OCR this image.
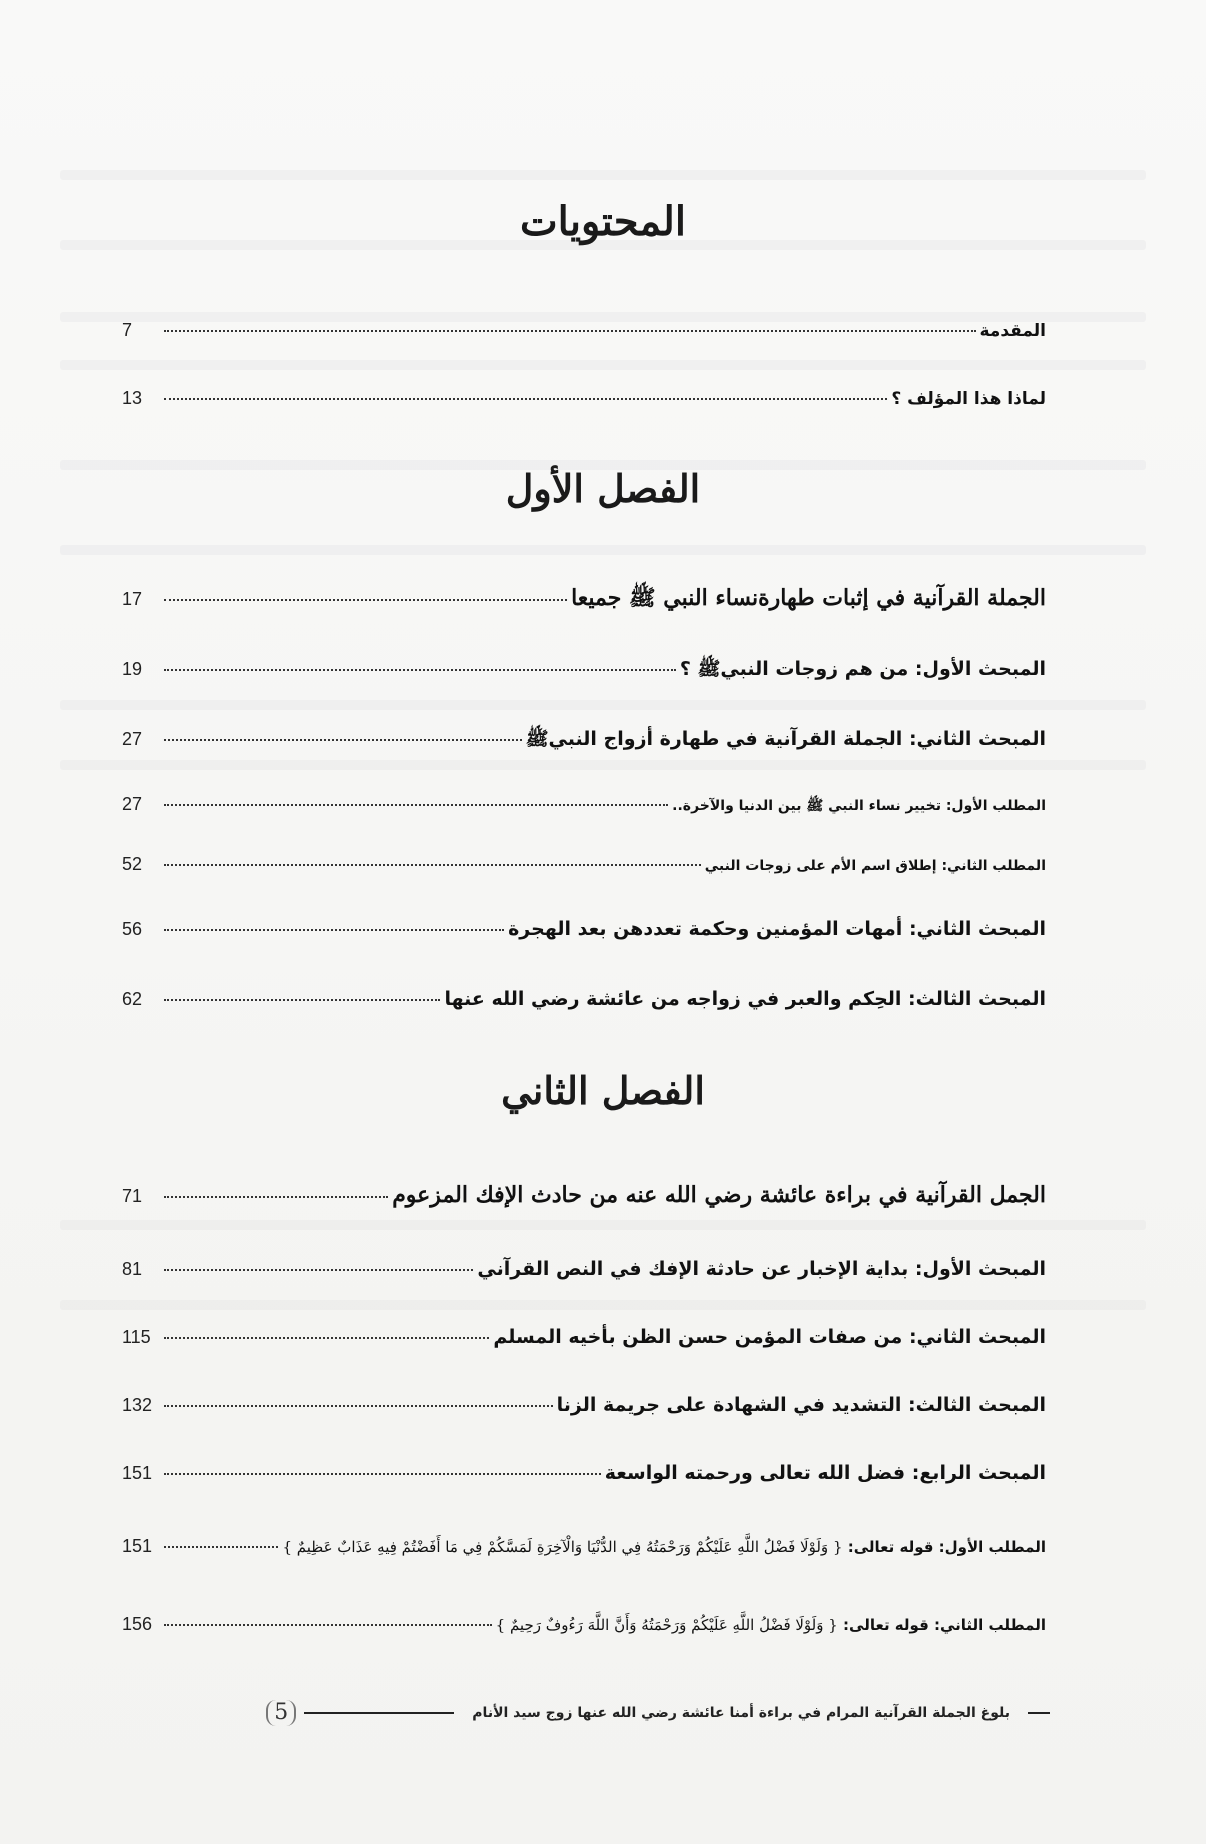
المحتويات
المقدمة
7
لماذا هذا المؤلف ؟
13
الفصل الأول
الجملة القرآنية في إثبات طهارةنساء النبي ﷺ جميعا
17
المبحث الأول: من هم زوجات النبيﷺ ؟
19
المبحث الثاني: الجملة القرآنية في طهارة أزواج النبيﷺ
27
المطلب الأول: تخيير نساء النبي ﷺ بين الدنيا والآخرة..
27
المطلب الثاني: إطلاق اسم الأم على زوجات النبي
52
المبحث الثاني: أمهات المؤمنين وحكمة تعددهن بعد الهجرة
56
المبحث الثالث: الحِكم والعبر في زواجه من عائشة رضي الله عنها
62
الفصل الثاني
الجمل القرآنية في براءة عائشة رضي الله عنه من حادث الإفك المزعوم
71
المبحث الأول: بداية الإخبار عن حادثة الإفك في النص القرآني
81
المبحث الثاني: من صفات المؤمن حسن الظن بأخيه المسلم
115
المبحث الثالث: التشديد في الشهادة على جريمة الزنا
132
المبحث الرابع: فضل الله تعالى ورحمته الواسعة
151
المطلب الأول: قوله تعالى: { وَلَوْلَا فَضْلُ اللَّهِ عَلَيْكُمْ وَرَحْمَتُهُ فِي الدُّنْيَا وَالْآخِرَةِ لَمَسَّكُمْ فِي مَا أَفَضْتُمْ فِيهِ عَذَابٌ عَظِيمٌ }
151
المطلب الثاني: قوله تعالى: { وَلَوْلَا فَضْلُ اللَّهِ عَلَيْكُمْ وَرَحْمَتُهُ وَأَنَّ اللَّهَ رَءُوفٌ رَحِيمٌ }
156
بلوغ الجملة القرآنية المرام في براءة أمنا عائشة رضي الله عنها زوج سيد الأنام
5
